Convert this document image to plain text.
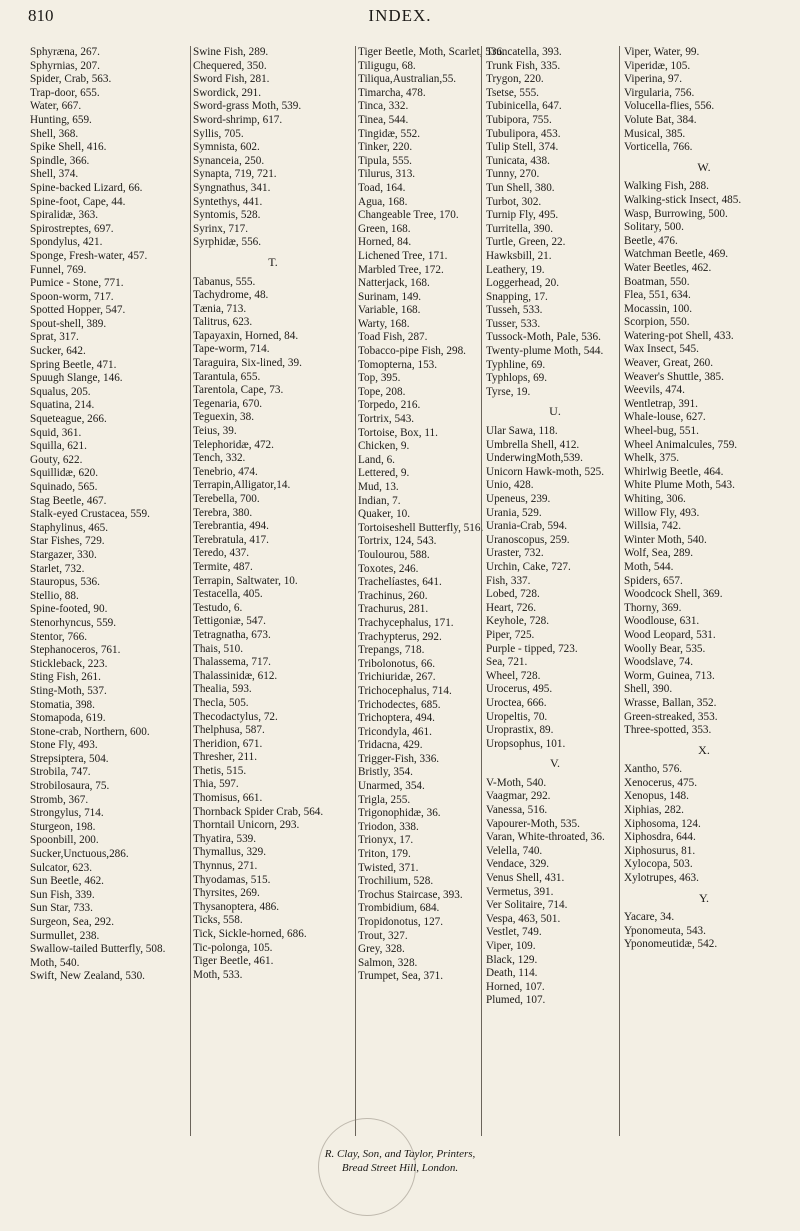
810	INDEX.

Sphyræna, 267.

Sphyrnias, 207.

Spider, Crab, 563.

Trap-door, 655.

Water, 667.

Hunting, 659.

Shell, 368.

Spike Shell, 416.

Spindle, 366.

Shell, 374.

Spine-backed Lizard, 66.

Spine-foot, Cape, 44.

Spiralidæ, 363.

Spirostreptes, 697.

Spondylus, 421.

Sponge, Fresh-water, 457.

Funnel, 769.

Pumice - Stone, 771.

Spoon-worm, 717.

Spotted Hopper, 547.

Spout-shell, 389.

Sprat, 317.

Sucker, 642.

Spring Beetle, 471.

Spuugh Slange, 146.

Squalus, 205.

Squatina, 214.

Squeteague, 266.

Squid, 361.

Squilla, 621.

Gouty, 622.

Squillidæ, 620.

Squinado, 565.

Stag Beetle, 467.

Stalk-eyed Crustacea, 559.

Staphylinus, 465.

Star Fishes, 729.

Stargazer, 330.

Starlet, 732.

Stauropus, 536.

Stellio, 88.

Spine-footed, 90.

Stenorhyncus, 559.

Stentor, 766.

Stephanoceros, 761.

Stickleback, 223.

Sting Fish, 261.

Sting-Moth, 537.

Stomatia, 398.

Stomapoda, 619.

Stone-crab, Northern, 600.

Stone Fly, 493.

Strepsiptera, 504.

Strobila, 747.

Strobilosaura, 75.

Stromb, 367.

Strongylus, 714.

Sturgeon, 198.

Spoonbill, 200.

Sucker,Unctuous,286.

Sulcator, 623.

Sun Beetle, 462.

Sun Fish, 339.

Sun Star, 733.

Surgeon, Sea, 292.

Surmullet, 238.

Swallow-tailed Butterfly, 508.

Moth, 540.

Swift, New Zealand, 530.

Swine Fish, 289.

Chequered, 350.

Sword Fish, 281.

Swordick, 291.

Sword-grass Moth, 539.

Sword-shrimp, 617.

Syllis, 705.

Symnista, 602.

Synanceia, 250.

Synapta, 719, 721.

Syngnathus, 341.

Syntethys, 441.

Syntomis, 528.

Syrinx, 717.

Syrphidæ, 556.

T.

Tabanus, 555.

Tachydrome, 48.

Tænia, 713.

Talitrus, 623.

Tapayaxin, Horned, 84.

Tape-worm, 714.

Taraguira, Six-lined, 39.

Tarantula, 655.

Tarentola, Cape, 73.

Tegenaria, 670.

Teguexin, 38.

Teius, 39.

Telephoridæ, 472.

Tench, 332.

Tenebrio, 474.

Terrapin,Alligator,14.

Terebella, 700.

Terebra, 380.

Terebrantia, 494.

Terebratula, 417.

Teredo, 437.

Termite, 487.

Terrapin, Saltwater, 10.

Testacella, 405.

Testudo, 6.

Tettigoniæ, 547.

Tetragnatha, 673.

Thais, 510.

Thalassema, 717.

Thalassinidæ, 612.

Thealia, 593.

Thecla, 505.

Thecodactylus, 72.

Thelphusa, 587.

Theridion, 671.

Thresher, 211.

Thetis, 515.

Thia, 597.

Thomisus, 661.

Thornback Spider Crab, 564.

Thorntail Unicorn, 293.

Thyatira, 539.

Thymallus, 329.

Thynnus, 271.

Thyodamas, 515.

Thyrsites, 269.

Thysanoptera, 486.

Ticks, 558.

Tick, Sickle-horned, 686.

Tic-polonga, 105.

Tiger Beetle, 461.

Moth, 533.

Tiger Beetle, Moth, Scarlet, 536.

Tiligugu, 68.

Tiliqua,Australian,55.

Timarcha, 478.

Tinca, 332.

Tinea, 544.

Tingidæ, 552.

Tinker, 220.

Tipula, 555.

Tilurus, 313.

Toad, 164.

Agua, 168.

Changeable Tree, 170.

Green, 168.

Horned, 84.

Lichened Tree, 171.

Marbled Tree, 172.

Natterjack, 168.

Surinam, 149.

Variable, 168.

Warty, 168.

Toad Fish, 287.

Tobacco-pipe Fish, 298.

Tomopterna, 153.

Top, 395.

Tope, 208.

Torpedo, 216.

Tortrix, 543.

Tortoise, Box, 11.

Chicken, 9.

Land, 6.

Lettered, 9.

Mud, 13.

Indian, 7.

Quaker, 10.

Tortoiseshell Butterfly, 516.

Tortrix, 124, 543.

Toulourou, 588.

Toxotes, 246.

Trachelíastes, 641.

Trachinus, 260.

Trachurus, 281.

Trachycephalus, 171.

Trachypterus, 292.

Trepangs, 718.

Tribolonotus, 66.

Trichiuridæ, 267.

Trichocephalus, 714.

Trichodectes, 685.

Trichoptera, 494.

Tricondyla, 461.

Tridacna, 429.

Trigger-Fish, 336.

Bristly, 354.

Unarmed, 354.

Trigla, 255.

Trigonophidæ, 36.

Triodon, 338.

Trionyx, 17.

Triton, 179.

Twisted, 371.

Trochilium, 528.

Trochus Staircase, 393.

Trombidium, 684.

Tropidonotus, 127.

Trout, 327.

Grey, 328.

Salmon, 328.

Trumpet, Sea, 371.

Truncatella, 393.

Trunk Fish, 335.

Trygon, 220.

Tsetse, 555.

Tubinicella, 647.

Tubipora, 755.

Tubulipora, 453.

Tulip Stell, 374.

Tunicata, 438.

Tunny, 270.

Tun Shell, 380.

Turbot, 302.

Turnip Fly, 495.

Turritella, 390.

Turtle, Green, 22.

Hawksbill, 21.

Leathery, 19.

Loggerhead, 20.

Snapping, 17.

Tusseh, 533.

Tusser, 533.

Tussock-Moth, Pale, 536.

Twenty-plume Moth, 544.

Typhline, 69.

Typhlops, 69.

Tyrse, 19.

U.

Ular Sawa, 118.

Umbrella Shell, 412.

UnderwingMoth,539.

Unicorn Hawk-moth, 525.

Unio, 428.

Upeneus, 239.

Urania, 529.

Urania-Crab, 594.

Uranoscopus, 259.

Uraster, 732.

Urchin, Cake, 727.

Fish, 337.

Lobed, 728.

Heart, 726.

Keyhole, 728.

Piper, 725.

Purple - tipped, 723.

Sea, 721.

Wheel, 728.

Urocerus, 495.

Uroctea, 666.

Uropeltis, 70.

Uroprastix, 89.

Uropsophus, 101.

V.

V-Moth, 540.

Vaagmar, 292.

Vanessa, 516.

Vapourer-Moth, 535.

Varan, White-throated, 36.

Velella, 740.

Vendace, 329.

Venus Shell, 431.

Vermetus, 391.

Ver Solitaire, 714.

Vespa, 463, 501.

Vestlet, 749.

Viper, 109.

Black, 129.

Death, 114.

Horned, 107.

Plumed, 107.

Viper, Water, 99.

Viperidæ, 105.

Viperina, 97.

Virgularia, 756.

Volucella-flies, 556.

Volute Bat, 384.

Musical, 385.

Vorticella, 766.

W.

Walking Fish, 288.

Walking-stick Insect, 485.

Wasp, Burrowing, 500.

Solitary, 500.

Beetle, 476.

Watchman Beetle, 469.

Water Beetles, 462.

Boatman, 550.

Flea, 551, 634.

Mocassin, 100.

Scorpion, 550.

Watering-pot Shell, 433.

Wax Insect, 545.

Weaver, Great, 260.

Weaver's Shuttle, 385.

Weevils, 474.

Wentletrap, 391.

Whale-louse, 627.

Wheel-bug, 551.

Wheel Animalcules, 759.

Whelk, 375.

Whirlwig Beetle, 464.

White Plume Moth, 543.

Whiting, 306.

Willow Fly, 493.

Willsia, 742.

Winter Moth, 540.

Wolf, Sea, 289.

Moth, 544.

Spiders, 657.

Woodcock Shell, 369.

Thorny, 369.

Woodlouse, 631.

Wood Leopard, 531.

Woolly Bear, 535.

Woodslave, 74.

Worm, Guinea, 713.

Shell, 390.

Wrasse, Ballan, 352.

Green-streaked, 353.

Three-spotted, 353.

X.

Xantho, 576.

Xenocerus, 475.

Xenopus, 148.

Xiphias, 282.

Xiphosoma, 124.

Xiphosdra, 644.

Xiphosurus, 81.

Xylocopa, 503.

Xylotrupes, 463.

Y.

Yacare, 34.

Yponomeuta, 543.

Yponomeutidæ, 542.

R. Clay, Son, and Taylor, Printers,
Bread Street Hill, London.
